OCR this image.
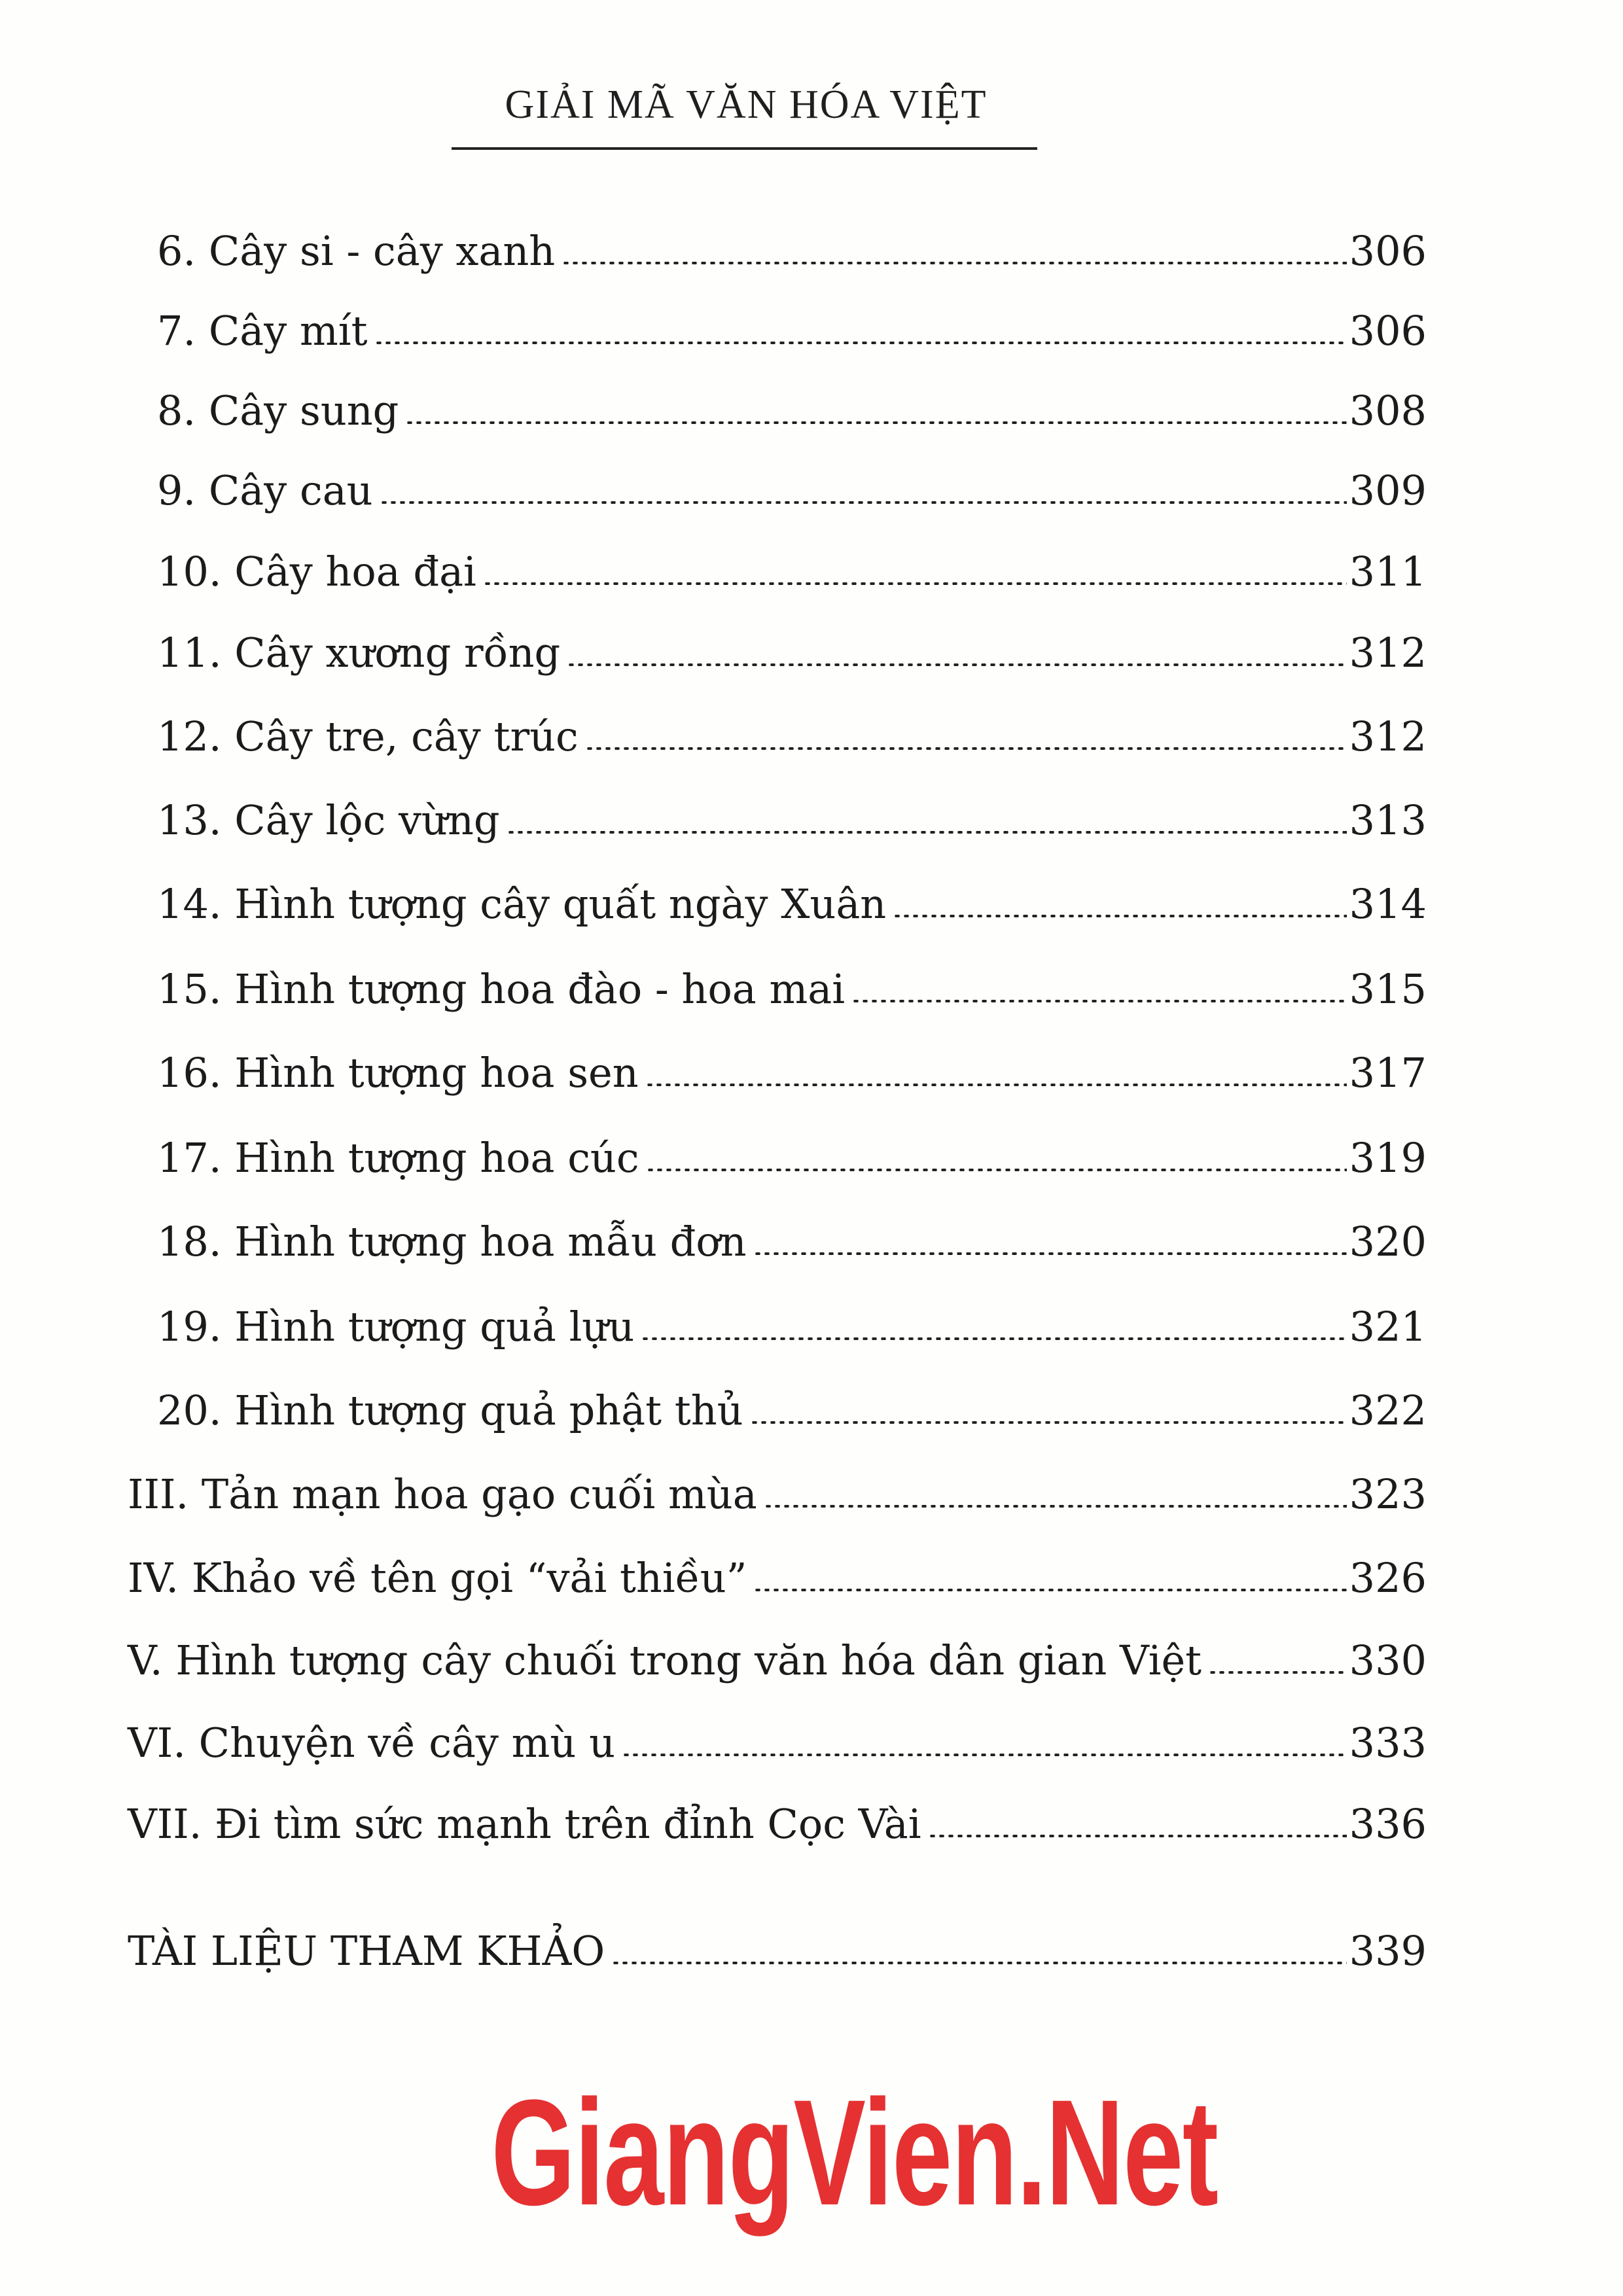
GIẢI MÃ VĂN HÓA VIỆT
6. Cây si - cây xanh	306
7. Cây mít	306
8. Cây sung	308
9. Cây cau	309
10. Cây hoa đại	311
11. Cây xương rồng	312
12. Cây tre, cây trúc	312
13. Cây lộc vừng	313
14. Hình tượng cây quất ngày Xuân	314
15. Hình tượng hoa đào - hoa mai	315
16. Hình tượng hoa sen	317
17. Hình tượng hoa cúc	319
18. Hình tượng hoa mẫu đơn	320
19. Hình tượng quả lựu	321
20. Hình tượng quả phật thủ	322
III. Tản mạn hoa gạo cuối mùa	323
IV. Khảo về tên gọi “vải thiều”	326
V. Hình tượng cây chuối trong văn hóa dân gian Việt	330
VI. Chuyện về cây mù u	333
VII. Đi tìm sức mạnh trên đỉnh Cọc Vài	336
TÀI LIỆU THAM KHẢO	339
GiangVien.Net
